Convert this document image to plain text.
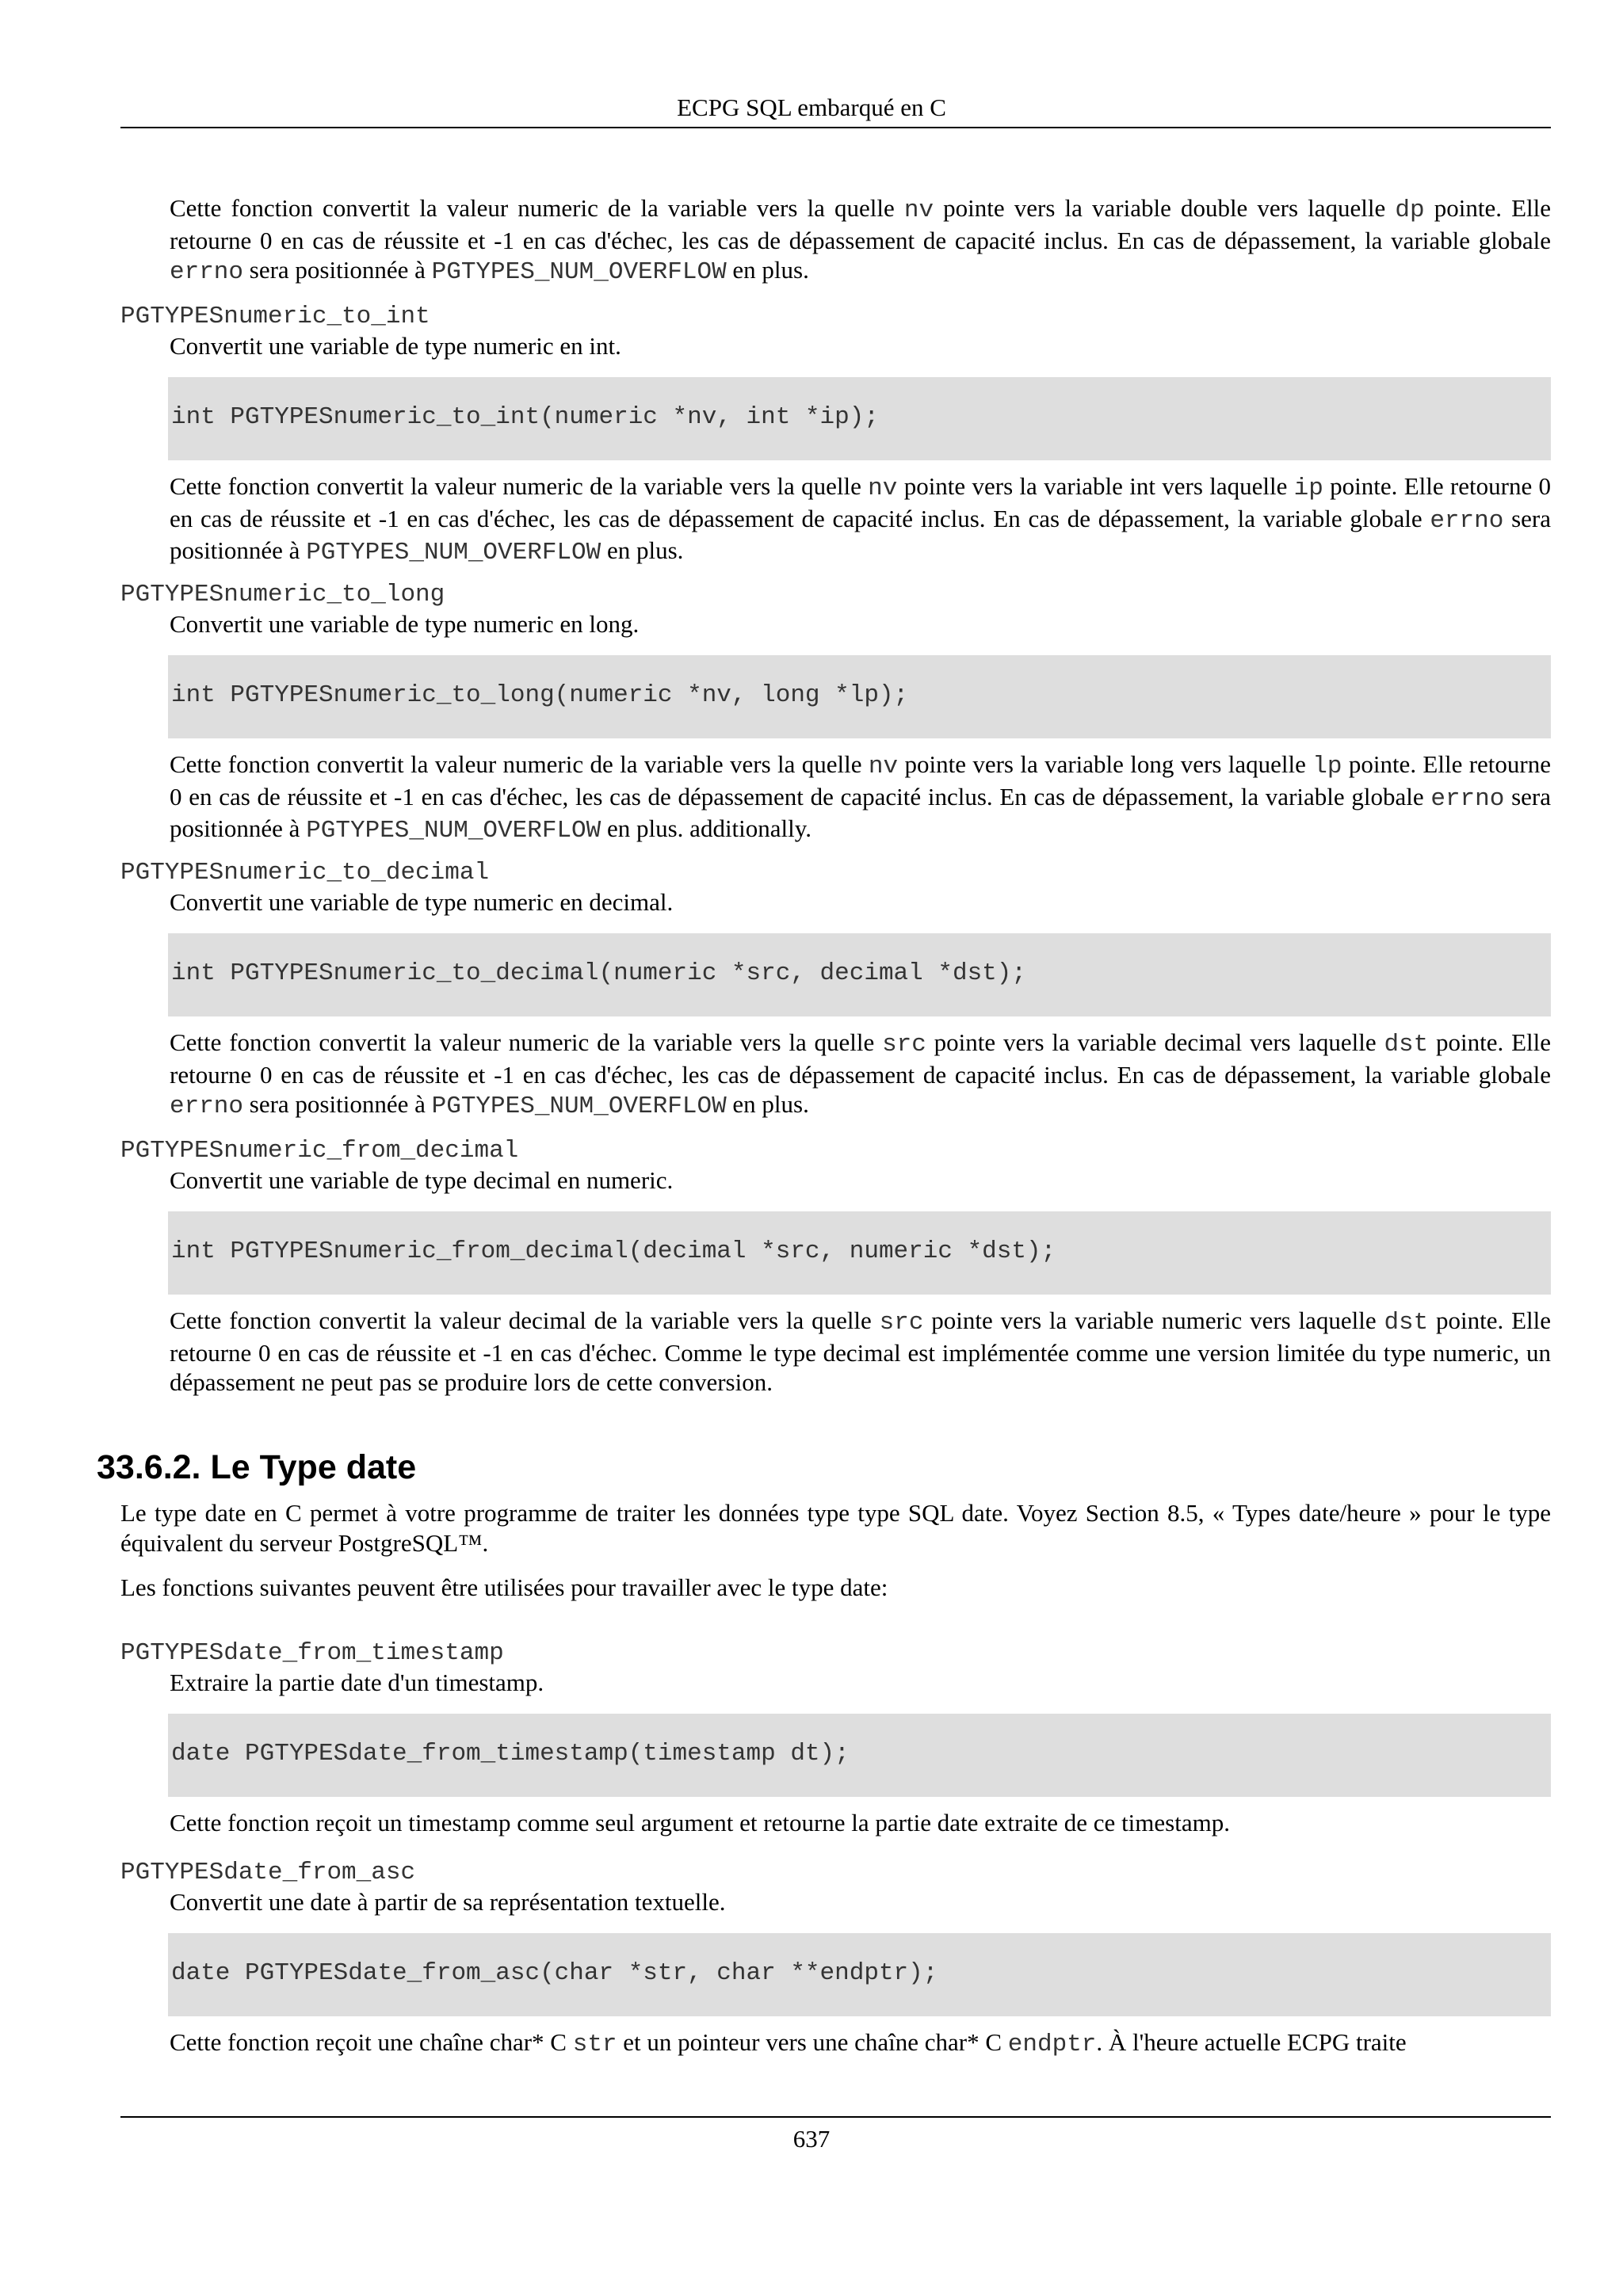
ECPG SQL embarqué en C
Cette fonction convertit la valeur numeric de la variable vers la quelle nv pointe vers la variable double vers laquelle dp pointe. Elle retourne 0 en cas de réussite et -1 en cas d'échec, les cas de dépassement de capacité inclus. En cas de dépassement, la variable globale errno sera positionnée à PGTYPES_NUM_OVERFLOW en plus.
PGTYPESnumeric_to_int
Convertit une variable de type numeric en int.
int PGTYPESnumeric_to_int(numeric *nv, int *ip);
Cette fonction convertit la valeur numeric de la variable vers la quelle nv pointe vers la variable int vers laquelle ip pointe. Elle retourne 0 en cas de réussite et -1 en cas d'échec, les cas de dépassement de capacité inclus. En cas de dépassement, la variable globale errno sera positionnée à PGTYPES_NUM_OVERFLOW en plus.
PGTYPESnumeric_to_long
Convertit une variable de type numeric en long.
int PGTYPESnumeric_to_long(numeric *nv, long *lp);
Cette fonction convertit la valeur numeric de la variable vers la quelle nv pointe vers la variable long vers laquelle lp pointe. Elle retourne 0 en cas de réussite et -1 en cas d'échec, les cas de dépassement de capacité inclus. En cas de dépassement, la variable globale errno sera positionnée à PGTYPES_NUM_OVERFLOW en plus. additionally.
PGTYPESnumeric_to_decimal
Convertit une variable de type numeric en decimal.
int PGTYPESnumeric_to_decimal(numeric *src, decimal *dst);
Cette fonction convertit la valeur numeric de la variable vers la quelle src pointe vers la variable decimal vers laquelle dst pointe. Elle retourne 0 en cas de réussite et -1 en cas d'échec, les cas de dépassement de capacité inclus. En cas de dépassement, la variable globale errno sera positionnée à PGTYPES_NUM_OVERFLOW en plus.
PGTYPESnumeric_from_decimal
Convertit une variable de type decimal en numeric.
int PGTYPESnumeric_from_decimal(decimal *src, numeric *dst);
Cette fonction convertit la valeur decimal de la variable vers la quelle src pointe vers la variable numeric vers laquelle dst pointe. Elle retourne 0 en cas de réussite et -1 en cas d'échec. Comme le type decimal est implémentée comme une version limitée du type numeric, un dépassement ne peut pas se produire lors de cette conversion.
33.6.2. Le Type date
Le type date en C permet à votre programme de traiter les données type type SQL date. Voyez Section 8.5, « Types date/heure » pour le type équivalent du serveur PostgreSQL™.
Les fonctions suivantes peuvent être utilisées pour travailler avec le type date:
PGTYPESdate_from_timestamp
Extraire la partie date d'un timestamp.
date PGTYPESdate_from_timestamp(timestamp dt);
Cette fonction reçoit un timestamp comme seul argument et retourne la partie date extraite de ce timestamp.
PGTYPESdate_from_asc
Convertit une date à partir de sa représentation textuelle.
date PGTYPESdate_from_asc(char *str, char **endptr);
Cette fonction reçoit une chaîne char* C str et un pointeur vers une chaîne char* C endptr. À l'heure actuelle ECPG traite
637
